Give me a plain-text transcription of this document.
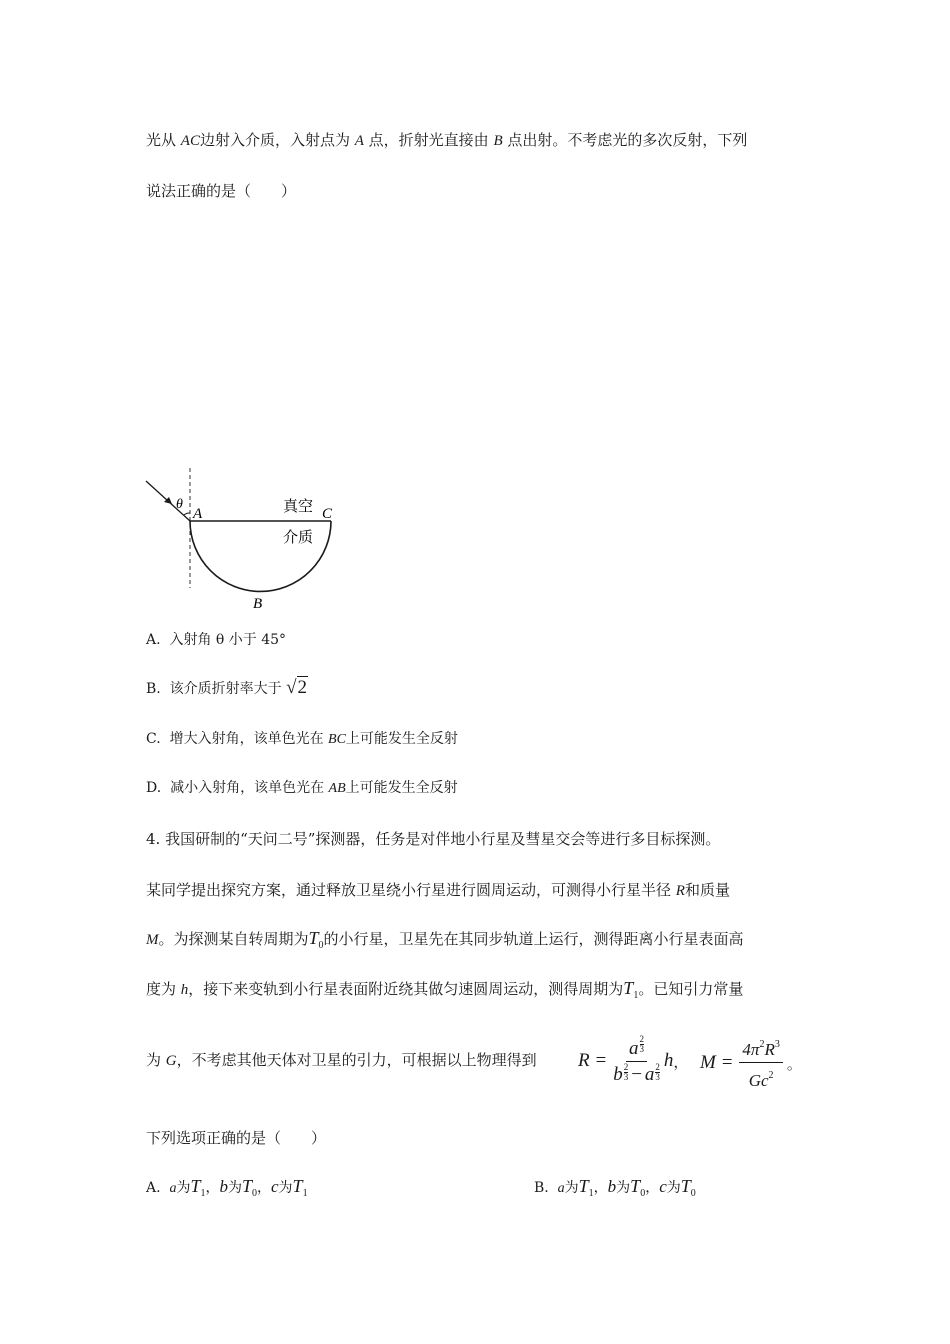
光从 AC边射入介质，入射点为 A 点，折射光直接由 B 点出射。不考虑光的多次反射，下列
说法正确的是（　　）
θ
A	C
B
真空
介质
A. 入射角 θ 小于 45°
B. 该介质折射率大于 √2
C. 增大入射角，该单色光在 BC上可能发生全反射
D. 减小入射角，该单色光在 AB上可能发生全反射
4. 我国研制的“天问二号”探测器，任务是对伴地小行星及彗星交会等进行多目标探测。
某同学提出探究方案，通过释放卫星绕小行星进行圆周运动，可测得小行星半径 R和质量
M。为探测某自转周期为$T_0$的小行星，卫星先在其同步轨道上运行，测得距离小行星表面高
度为 h，接下来变轨到小行星表面附近绕其做匀速圆周运动，测得周期为$T_1$。已知引力常量
为 G，不考虑其他天体对卫星的引力，可根据以上物理得到 $R = \frac{a \frac{2}{3}}{b \frac{2}{3} - a \frac{2}{3}}$ h ， $M = \frac{4\pi^2R^3}{Gc^2}$ 。
下列选项正确的是（　　）
A. a为$T_1$，b为$T_0$，c为$T_1$	B. a为$T_1$，b为$T_0$，c为$T_0$
